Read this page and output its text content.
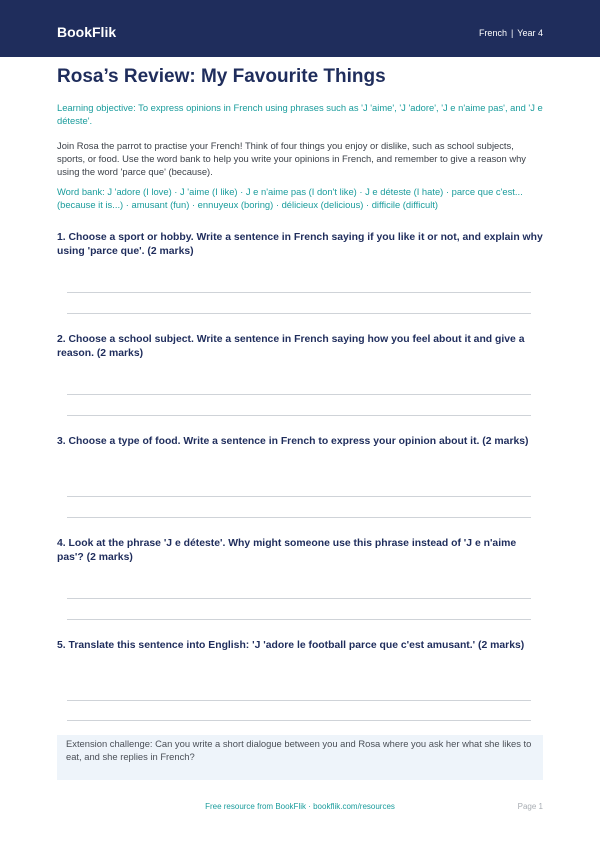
BookFlik	French | Year 4
Rosa’s Review: My Favourite Things

Learning objective: To express opinions in French using phrases such as 'J 'aime', 'J 'adore', 'J e n'aime pas', and 'J e déteste'.

Join Rosa the parrot to practise your French! Think of four things you enjoy or dislike, such as school subjects, sports, or food. Use the word bank to help you write your opinions in French, and remember to give a reason why using the word 'parce que' (because).

Word bank: J 'adore (I love) · J 'aime (I like) · J e n'aime pas (I don't like) · J e déteste (I hate) · parce que c'est... (because it is...) · amusant (fun) · ennuyeux (boring) · délicieux (delicious) · difficile (difficult)

1. Choose a sport or hobby. Write a sentence in French saying if you like it or not, and explain why using 'parce que'. (2 marks)

2. Choose a school subject. Write a sentence in French saying how you feel about it and give a reason. (2 marks)

3. Choose a type of food. Write a sentence in French to express your opinion about it. (2 marks)

4. Look at the phrase 'J e déteste'. Why might someone use this phrase instead of 'J e n'aime pas'? (2 marks)

5. Translate this sentence into English: 'J 'adore le football parce que c'est amusant.' (2 marks)

Extension challenge: Can you write a short dialogue between you and Rosa where you ask her what she likes to eat, and she replies in French?
Free resource from BookFlik · bookflik.com/resources	Page 1
